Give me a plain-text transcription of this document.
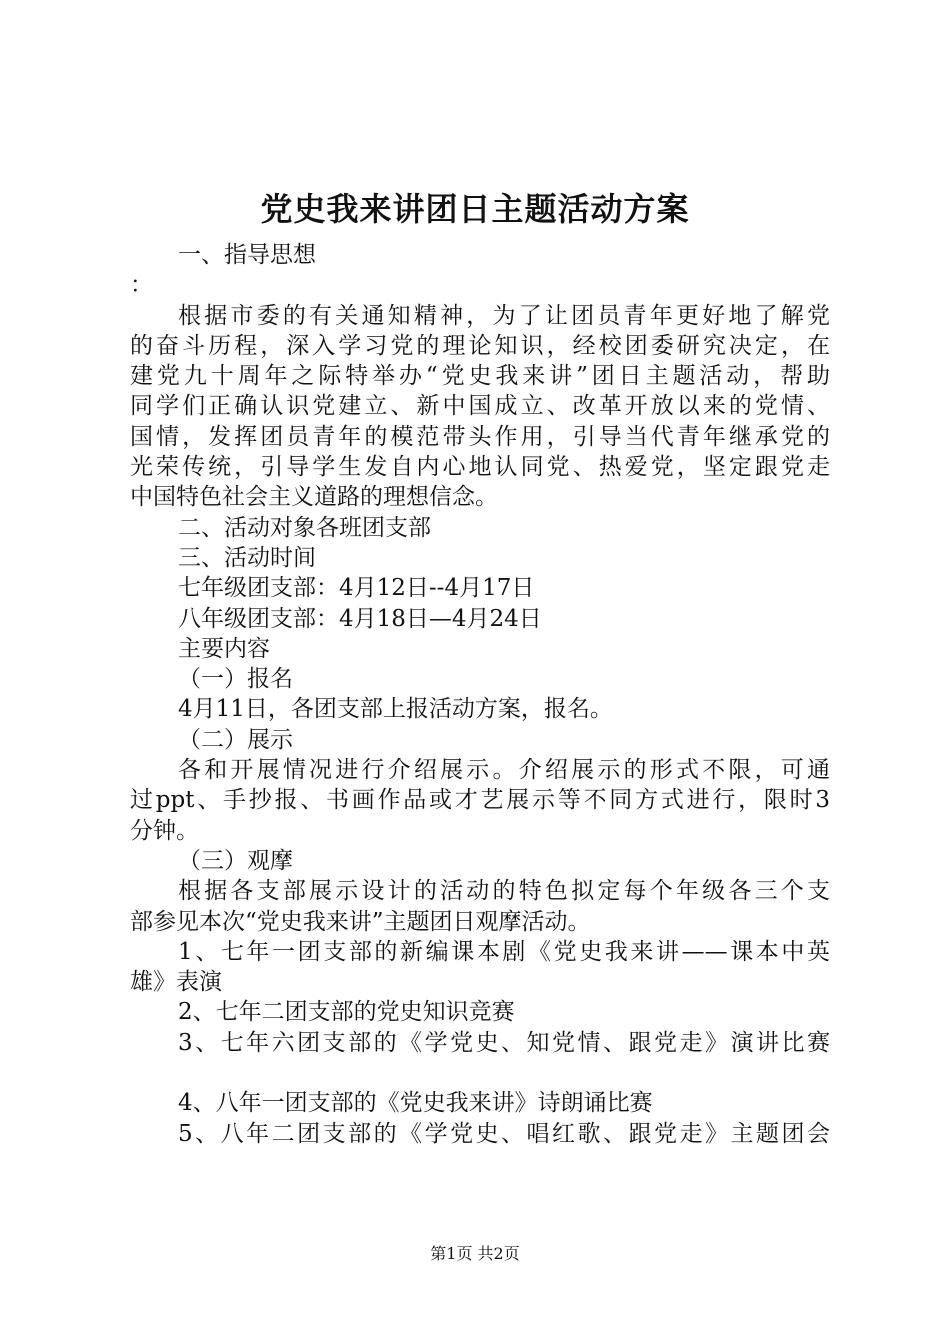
党史我来讲团日主题活动方案
一、指导思想
：
根据市委的有关通知精神，为了让团员青年更好地了解党
的奋斗历程，深入学习党的理论知识，经校团委研究决定，在
建党九十周年之际特举办“党史我来讲”团日主题活动，帮助
同学们正确认识党建立、新中国成立、改革开放以来的党情、
国情，发挥团员青年的模范带头作用，引导当代青年继承党的
光荣传统，引导学生发自内心地认同党、热爱党，坚定跟党走
中国特色社会主义道路的理想信念。
二、活动对象各班团支部
三、活动时间
七年级团支部：4月12日--4月17日
八年级团支部：4月18日—4月24日
主要内容
（一）报名
4月11日，各团支部上报活动方案，报名。
（二）展示
各和开展情况进行介绍展示。介绍展示的形式不限，可通
过ppt、手抄报、书画作品或才艺展示等不同方式进行，限时3
分钟。
（三）观摩
根据各支部展示设计的活动的特色拟定每个年级各三个支
部参见本次“党史我来讲”主题团日观摩活动。
1、七年一团支部的新编课本剧《党史我来讲——课本中英
雄》表演
2、七年二团支部的党史知识竞赛
3、七年六团支部的《学党史、知党情、跟党走》演讲比赛
4、八年一团支部的《党史我来讲》诗朗诵比赛
5、八年二团支部的《学党史、唱红歌、跟党走》主题团会
第1页 共2页
